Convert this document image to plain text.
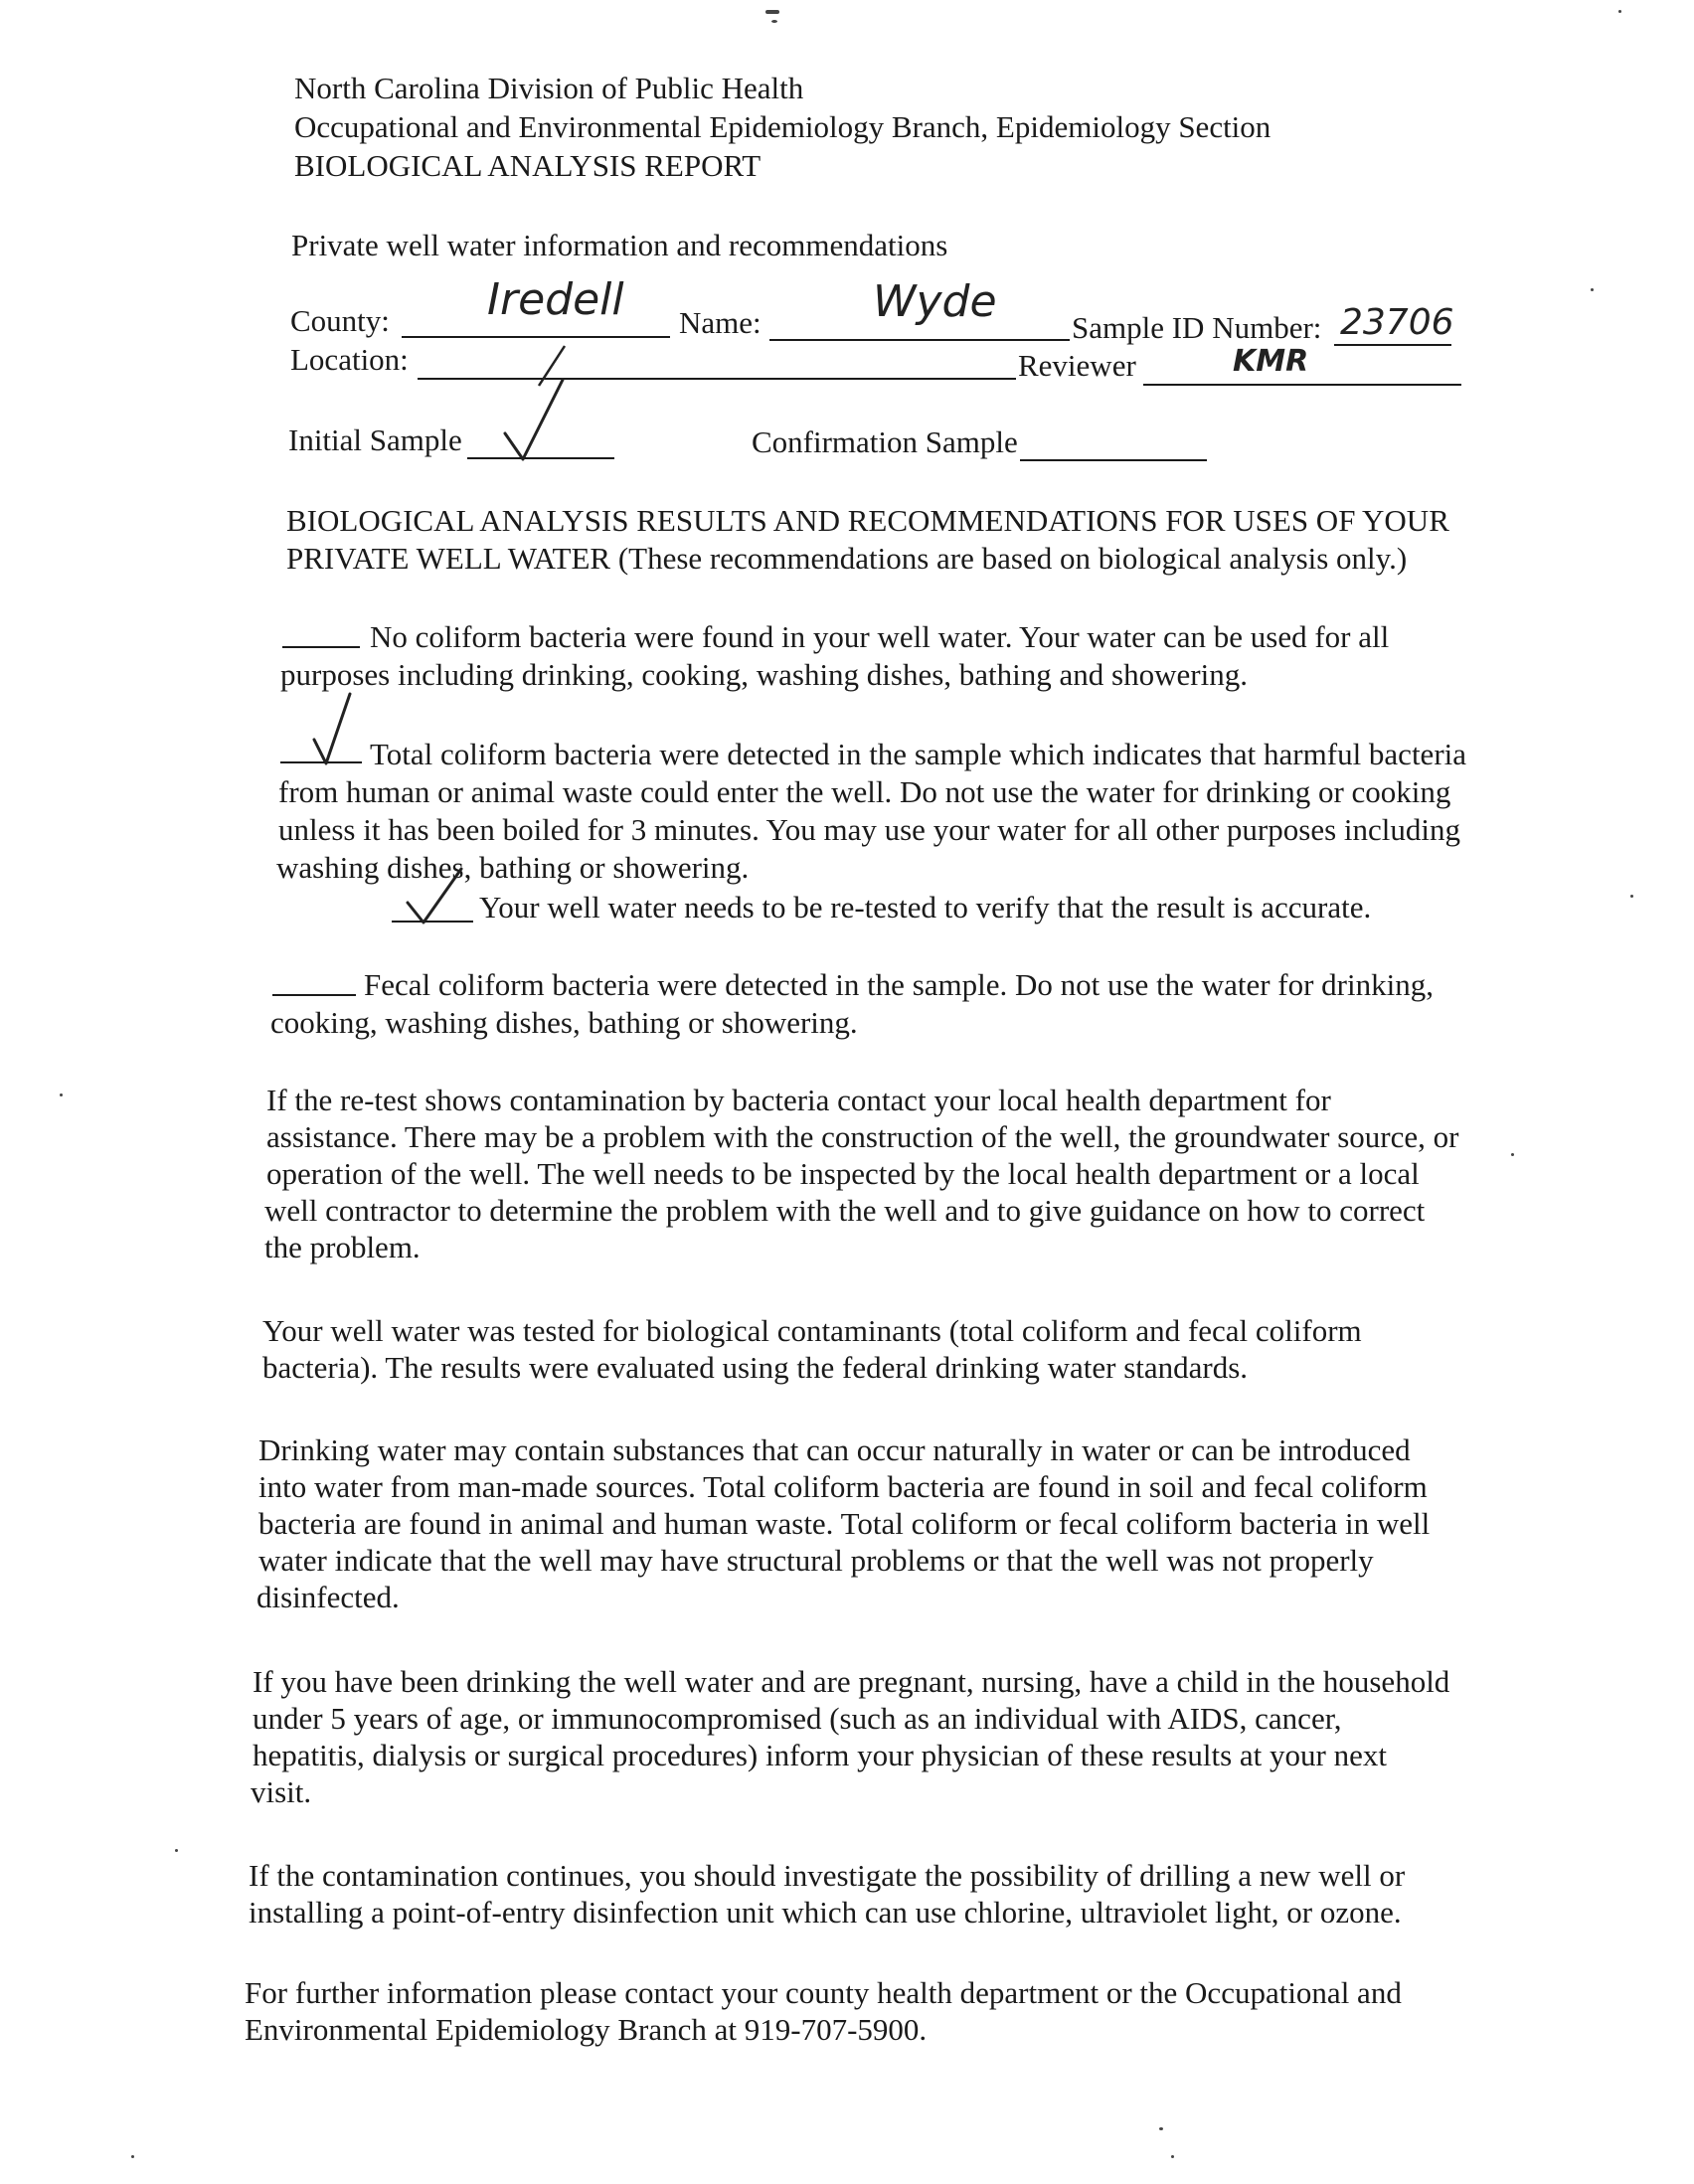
North Carolina Division of Public Health
Occupational and Environmental Epidemiology Branch, Epidemiology Section
BIOLOGICAL ANALYSIS REPORT
Private well water information and recommendations
County: Iredell Name:	Wyde
Sample ID Number: 23706
Location:	Reviewer	KMR
Initial Sample	Confirmation Sample
BIOLOGICAL ANALYSIS RESULTS AND RECOMMENDATIONS FOR USES OF YOUR
PRIVATE WELL WATER (These recommendations are based on biological analysis only.)
No coliform bacteria were found in your well water. Your water can be used for all
purposes including drinking, cooking, washing dishes, bathing and showering.
Total coliform bacteria were detected in the sample which indicates that harmful bacteria
from human or animal waste could enter the well. Do not use the water for drinking or cooking
unless it has been boiled for 3 minutes. You may use your water for all other purposes including
washing dishes, bathing or showering.
Your well water needs to be re-tested to verify that the result is accurate.
Fecal coliform bacteria were detected in the sample. Do not use the water for drinking,
cooking, washing dishes, bathing or showering.
If the re-test shows contamination by bacteria contact your local health department for
assistance. There may be a problem with the construction of the well, the groundwater source, or
operation of the well. The well needs to be inspected by the local health department or a local
well contractor to determine the problem with the well and to give guidance on how to correct
the problem.
Your well water was tested for biological contaminants (total coliform and fecal coliform
bacteria). The results were evaluated using the federal drinking water standards.
Drinking water may contain substances that can occur naturally in water or can be introduced
into water from man-made sources. Total coliform bacteria are found in soil and fecal coliform
bacteria are found in animal and human waste. Total coliform or fecal coliform bacteria in well
water indicate that the well may have structural problems or that the well was not properly
disinfected.
If you have been drinking the well water and are pregnant, nursing, have a child in the household
under 5 years of age, or immunocompromised (such as an individual with AIDS, cancer,
hepatitis, dialysis or surgical procedures) inform your physician of these results at your next
visit.
If the contamination continues, you should investigate the possibility of drilling a new well or
installing a point-of-entry disinfection unit which can use chlorine, ultraviolet light, or ozone.
For further information please contact your county health department or the Occupational and
Environmental Epidemiology Branch at 919-707-5900.
